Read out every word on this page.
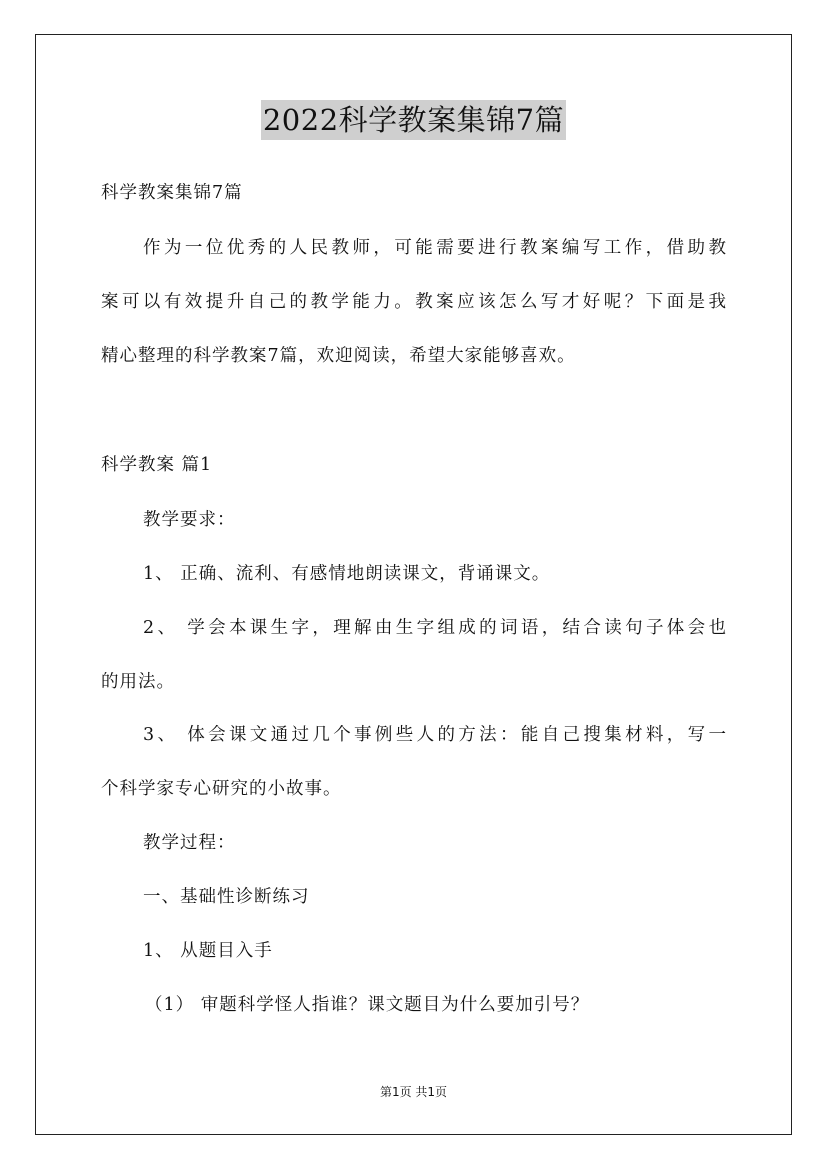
2022科学教案集锦7篇
科学教案集锦7篇
作为一位优秀的人民教师，可能需要进行教案编写工作，借助教
案可以有效提升自己的教学能力。教案应该怎么写才好呢？下面是我
精心整理的科学教案7篇，欢迎阅读，希望大家能够喜欢。
科学教案 篇1
教学要求：
1、 正确、流利、有感情地朗读课文，背诵课文。
2、 学会本课生字，理解由生字组成的词语，结合读句子体会也
的用法。
3、 体会课文通过几个事例些人的方法：能自己搜集材料，写一
个科学家专心研究的小故事。
教学过程：
一、基础性诊断练习
1、 从题目入手
（1） 审题科学怪人指谁？课文题目为什么要加引号？
第1页 共1页
